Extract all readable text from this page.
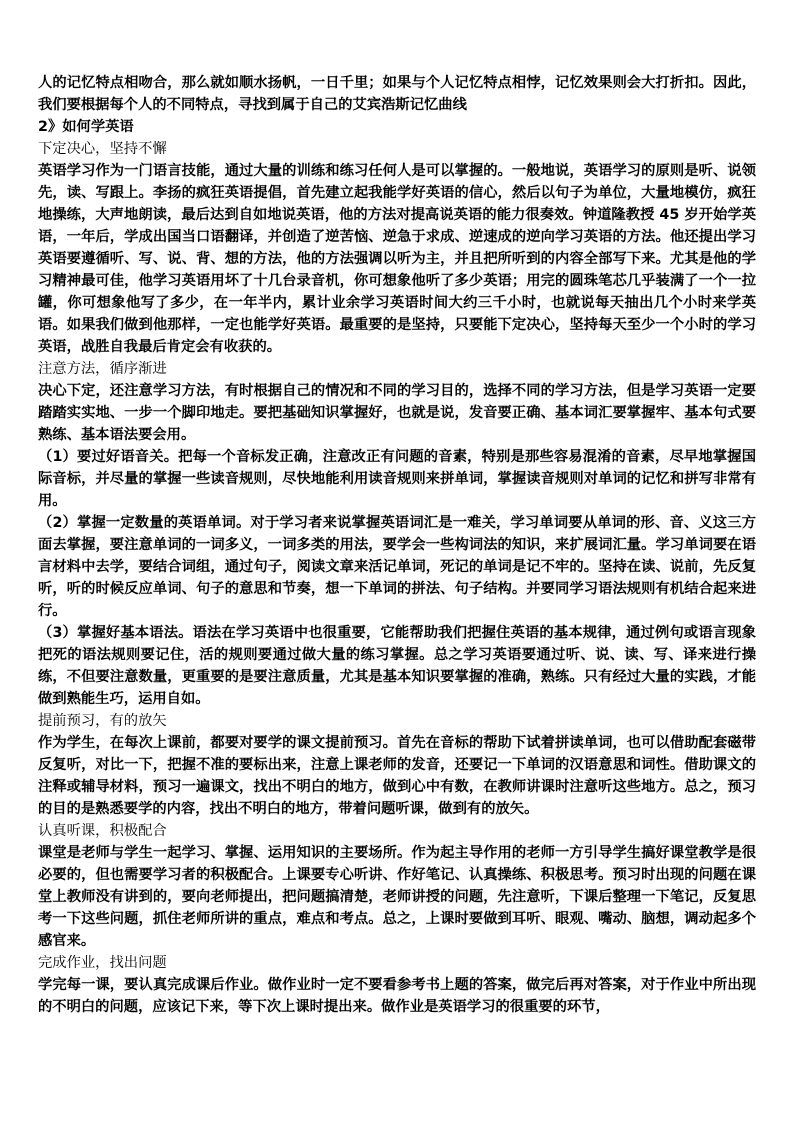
人的记忆特点相吻合，那么就如顺水扬帆，一日千里；如果与个人记忆特点相悖，记忆效果则会大打折扣。因此，我们要根据每个人的不同特点，寻找到属于自己的艾宾浩斯记忆曲线

2》如何学英语

下定决心，坚持不懈

英语学习作为一门语言技能，通过大量的训练和练习任何人是可以掌握的。一般地说，英语学习的原则是听、说领先，读、写跟上。李扬的疯狂英语提倡，首先建立起我能学好英语的信心，然后以句子为单位，大量地模仿，疯狂地操练，大声地朗读，最后达到自如地说英语，他的方法对提高说英语的能力很奏效。钟道隆教授 45 岁开始学英语，一年后，学成出国当口语翻译，并创造了逆苦恼、逆急于求成、逆速成的逆向学习英语的方法。他还提出学习英语要遵循听、写、说、背、想的方法，他的方法强调以听为主，并且把所听到的内容全部写下来。尤其是他的学习精神最可佳，他学习英语用坏了十几台录音机，你可想象他听了多少英语；用完的圆珠笔芯几乎装满了一个一拉罐，你可想象他写了多少，在一年半内，累计业余学习英语时间大约三千小时，也就说每天抽出几个小时来学英语。如果我们做到他那样，一定也能学好英语。最重要的是坚持，只要能下定决心，坚持每天至少一个小时的学习英语，战胜自我最后肯定会有收获的。

注意方法，循序渐进

决心下定，还注意学习方法，有时根据自己的情况和不同的学习目的，选择不同的学习方法，但是学习英语一定要踏踏实实地、一步一个脚印地走。要把基础知识掌握好，也就是说，发音要正确、基本词汇要掌握牢、基本句式要熟练、基本语法要会用。

（1）要过好语音关。把每一个音标发正确，注意改正有问题的音素，特别是那些容易混淆的音素，尽早地掌握国际音标，并尽量的掌握一些读音规则，尽快地能利用读音规则来拼单词，掌握读音规则对单词的记忆和拼写非常有用。

（2）掌握一定数量的英语单词。对于学习者来说掌握英语词汇是一难关，学习单词要从单词的形、音、义这三方面去掌握，要注意单词的一词多义，一词多类的用法，要学会一些构词法的知识，来扩展词汇量。学习单词要在语言材料中去学，要结合词组，通过句子，阅读文章来活记单词，死记的单词是记不牢的。坚持在读、说前，先反复听，听的时候反应单词、句子的意思和节奏，想一下单词的拼法、句子结构。并要同学习语法规则有机结合起来进行。

（3）掌握好基本语法。语法在学习英语中也很重要，它能帮助我们把握住英语的基本规律，通过例句或语言现象把死的语法规则要记住，活的规则要通过做大量的练习掌握。总之学习英语要通过听、说、读、写、译来进行操练，不但要注意数量，更重要的是要注意质量，尤其是基本知识要掌握的准确，熟练。只有经过大量的实践，才能做到熟能生巧，运用自如。

提前预习，有的放矢

作为学生，在每次上课前，都要对要学的课文提前预习。首先在音标的帮助下试着拼读单词，也可以借助配套磁带反复听，对比一下，把握不准的要标出来，注意上课老师的发音，还要记一下单词的汉语意思和词性。借助课文的注释或辅导材料，预习一遍课文，找出不明白的地方，做到心中有数，在教师讲课时注意听这些地方。总之，预习的目的是熟悉要学的内容，找出不明白的地方，带着问题听课，做到有的放矢。

认真听课，积极配合

课堂是老师与学生一起学习、掌握、运用知识的主要场所。作为起主导作用的老师一方引导学生搞好课堂教学是很必要的，但也需要学习者的积极配合。上课要专心听讲、作好笔记、认真操练、积极思考。预习时出现的问题在课堂上教师没有讲到的，要向老师提出，把问题搞清楚，老师讲授的问题，先注意听，下课后整理一下笔记，反复思考一下这些问题，抓住老师所讲的重点，难点和考点。总之，上课时要做到耳听、眼观、嘴动、脑想，调动起多个感官来。

完成作业，找出问题

学完每一课，要认真完成课后作业。做作业时一定不要看参考书上题的答案，做完后再对答案，对于作业中所出现的不明白的问题，应该记下来，等下次上课时提出来。做作业是英语学习的很重要的环节，
